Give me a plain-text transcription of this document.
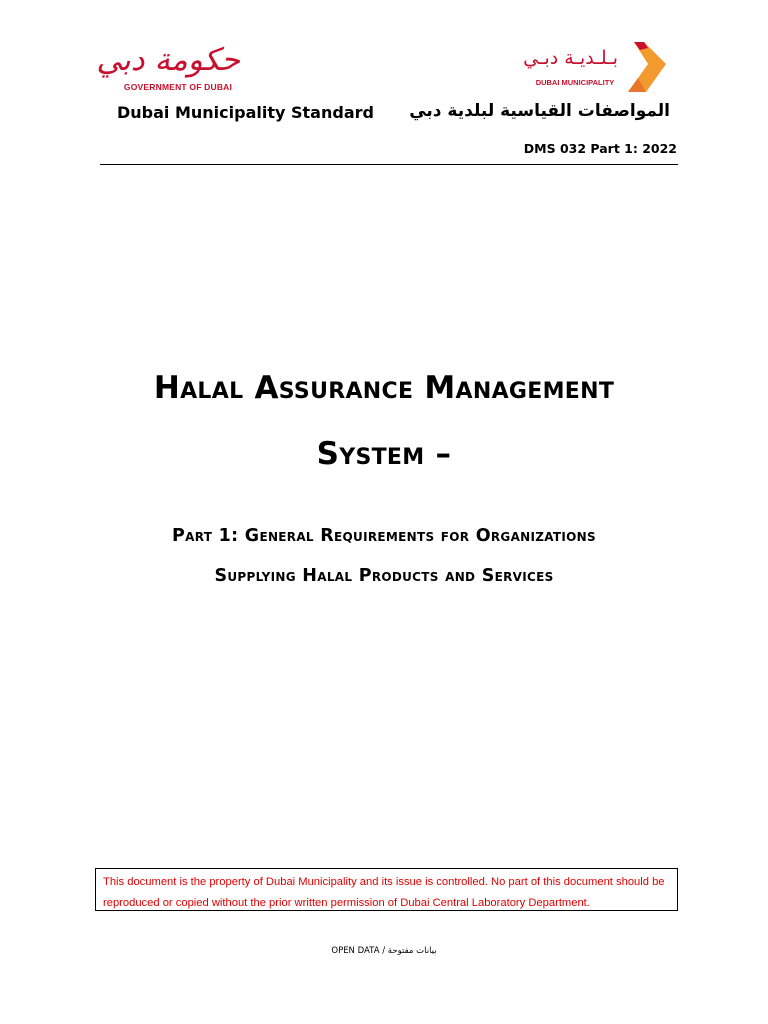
حكومة دبي
GOVERNMENT OF DUBAI
بـلـديـة دبـي
DUBAI MUNICIPALITY
Dubai Municipality Standard المواصفات القياسية لبلدية دبي
DMS 032 Part 1: 2022
Halal Assurance Management
System –
Part 1: General Requirements for Organizations
Supplying Halal Products and Services
This document is the property of Dubai Municipality and its issue is controlled. No part of this document should be reproduced or copied without the prior written permission of Dubai Central Laboratory Department.
OPEN DATA / بيانات مفتوحة
